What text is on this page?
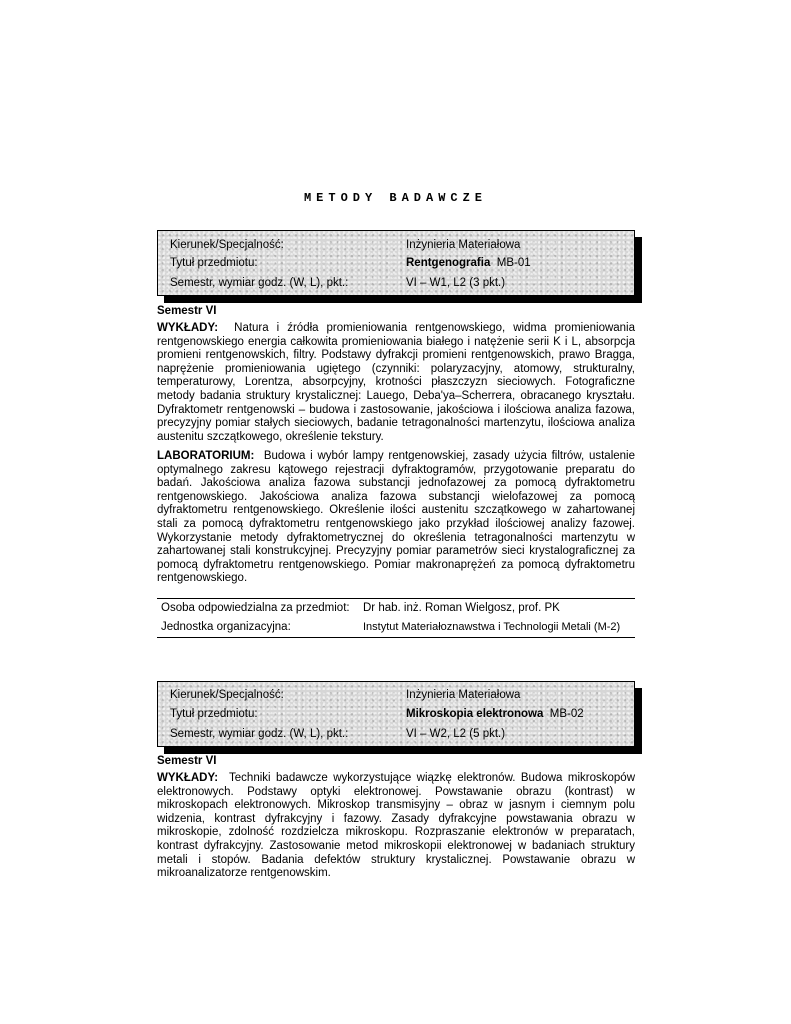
METODY BADAWCZE
Kierunek/Specjalność:	Inżynieria Materiałowa
Tytuł przedmiotu:	Rentgenografia MB-01
Semestr, wymiar godz. (W, L), pkt.:	VI – W1, L2 (3 pkt.)
Semestr VI
WYKŁADY: Natura i źródła promieniowania rentgenowskiego, widma promieniowania rentgenowskiego energia całkowita promieniowania białego i natężenie serii K i L, absorpcja promieni rentgenowskich, filtry. Podstawy dyfrakcji promieni rentgenowskich, prawo Bragga, naprężenie promieniowania ugiętego (czynniki: polaryzacyjny, atomowy, strukturalny, temperaturowy, Lorentza, absorpcyjny, krotności płaszczyzn sieciowych. Fotograficzne metody badania struktury krystalicznej: Lauego, Deba'ya–Scherrera, obracanego kryształu. Dyfraktometr rentgenowski – budowa i zastosowanie, jakościowa i ilościowa analiza fazowa, precyzyjny pomiar stałych sieciowych, badanie tetragonalności martenzytu, ilościowa analiza austenitu szczątkowego, określenie tekstury.
LABORATORIUM: Budowa i wybór lampy rentgenowskiej, zasady użycia filtrów, ustalenie optymalnego zakresu kątowego rejestracji dyfraktogramów, przygotowanie preparatu do badań. Jakościowa analiza fazowa substancji jednofazowej za pomocą dyfraktometru rentgenowskiego. Jakościowa analiza fazowa substancji wielofazowej za pomocą dyfraktometru rentgenowskiego. Określenie ilości austenitu szczątkowego w zahartowanej stali za pomocą dyfraktometru rentgenowskiego jako przykład ilościowej analizy fazowej. Wykorzystanie metody dyfraktometrycznej do określenia tetragonalności martenzytu w zahartowanej stali konstrukcyjnej. Precyzyjny pomiar parametrów sieci krystalograficznej za pomocą dyfraktometru rentgenowskiego. Pomiar makronaprężeń za pomocą dyfraktometru rentgenowskiego.
Osoba odpowiedzialna za przedmiot: Dr hab. inż. Roman Wielgosz, prof. PK
Jednostka organizacyjna:	Instytut Materiałoznawstwa i Technologii Metali (M-2)
Kierunek/Specjalność:	Inżynieria Materiałowa
Tytuł przedmiotu:	Mikroskopia elektronowa MB-02
Semestr, wymiar godz. (W, L), pkt.:	VI – W2, L2 (5 pkt.)
Semestr VI
WYKŁADY: Techniki badawcze wykorzystujące wiązkę elektronów. Budowa mikroskopów elektronowych. Podstawy optyki elektronowej. Powstawanie obrazu (kontrast) w mikroskopach elektronowych. Mikroskop transmisyjny – obraz w jasnym i ciemnym polu widzenia, kontrast dyfrakcyjny i fazowy. Zasady dyfrakcyjne powstawania obrazu w mikroskopie, zdolność rozdzielcza mikroskopu. Rozpraszanie elektronów w preparatach, kontrast dyfrakcyjny. Zastosowanie metod mikroskopii elektronowej w badaniach struktury metali i stopów. Badania defektów struktury krystalicznej. Powstawanie obrazu w mikroanalizatorze rentgenowskim.
